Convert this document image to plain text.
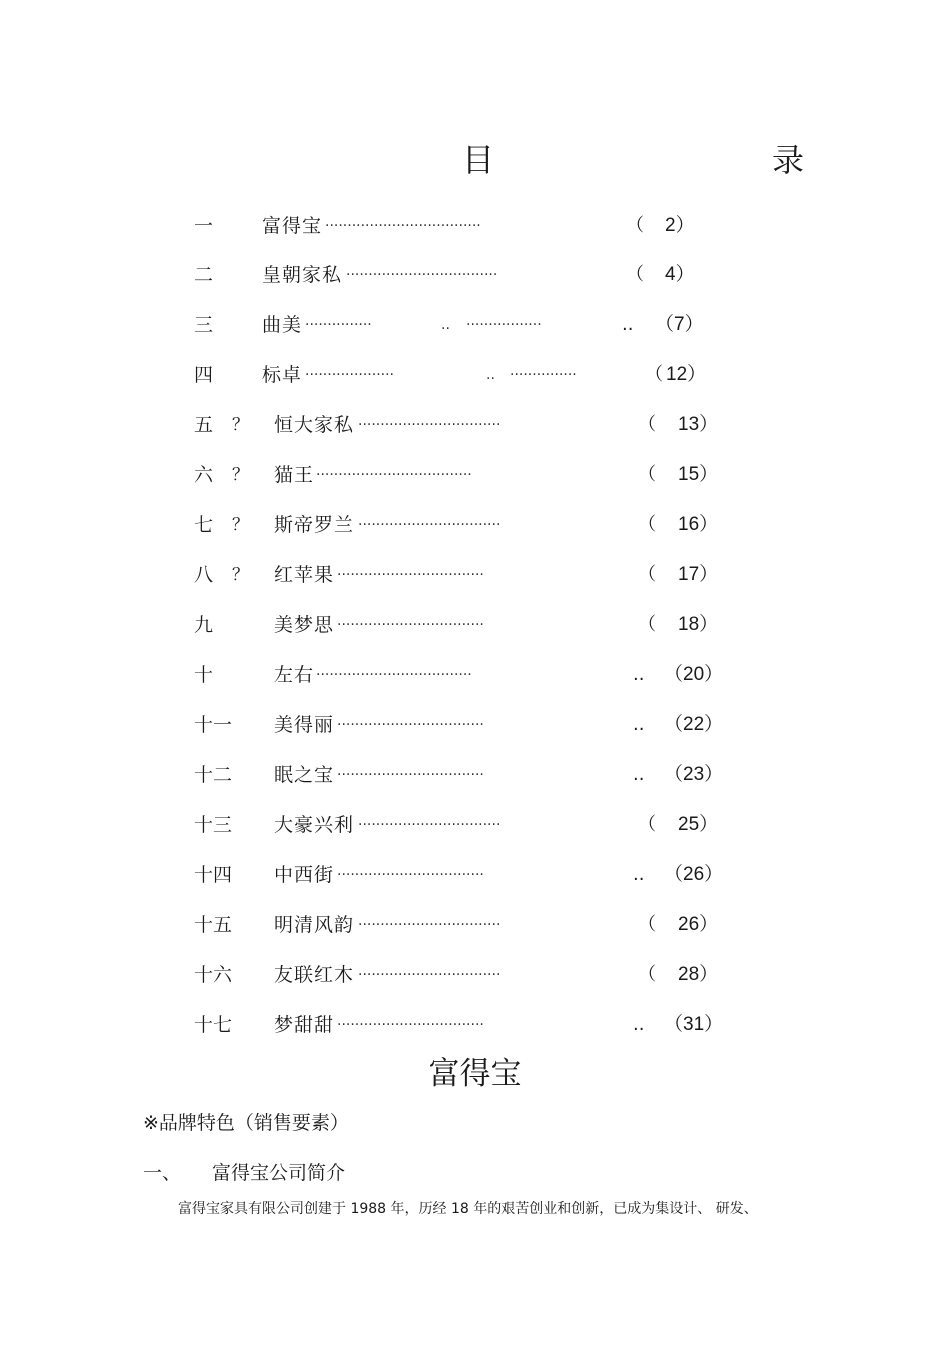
目	录
一	富得宝 ···································	（ 2）
二	皇朝家私 ··································	（ 4）
三	曲美 ···············	.. ·················	.. （7）
四	标卓 ····················	.. ···············	（ 12）
五 ？ 恒大家私 ································	（ 13）
六 ？ 猫王 ···································	（ 15）
七 ？ 斯帝罗兰 ································	（ 16）
八 ？ 红苹果 ·································	（ 17）
九	美梦思 ·································	（ 18）
十	左右 ···································	.. （20）
十一 美得丽 ·································	.. （22）
十二 眠之宝 ·································	.. （23）
十三 大豪兴利 ································	（ 25）
十四 中西街 ·································	.. （26）
十五 明清风韵 ································	（ 26）
十六 友联红木 ································	（ 28）
十七 梦甜甜 ·································	.. （31）
富得宝
※品牌特色（销售要素）
一、 富得宝公司简介
富得宝家具有限公司创建于 1988 年，历经 18 年的艰苦创业和创新，已成为集设计、 研发、
